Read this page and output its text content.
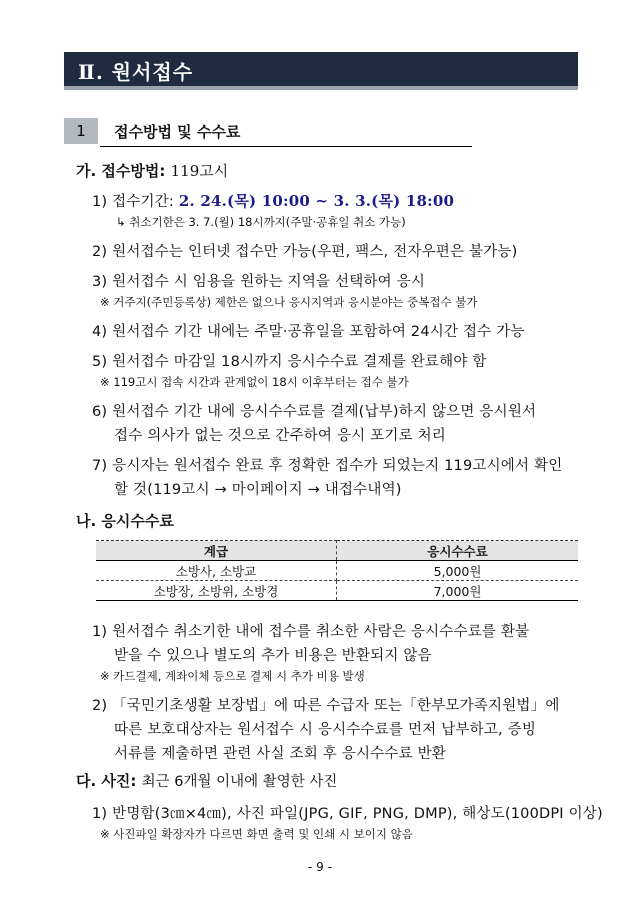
Ⅱ. 원서접수
1	접수방법 및 수수료
가. 접수방법: 119고시
1) 접수기간: 2. 24.(목) 10:00 ~ 3. 3.(목) 18:00
↳ 취소기한은 3. 7.(월) 18시까지(주말·공휴일 취소 가능)
2) 원서접수는 인터넷 접수만 가능(우편, 팩스, 전자우편은 불가능)
3) 원서접수 시 임용을 원하는 지역을 선택하여 응시
※ 거주지(주민등록상) 제한은 없으나 응시지역과 응시분야는 중복접수 불가
4) 원서접수 기간 내에는 주말·공휴일을 포함하여 24시간 접수 가능
5) 원서접수 마감일 18시까지 응시수수료 결제를 완료해야 함
※ 119고시 접속 시간과 관계없이 18시 이후부터는 접수 불가
6) 원서접수 기간 내에 응시수수료를 결제(납부)하지 않으면 응시원서
접수 의사가 없는 것으로 간주하여 응시 포기로 처리
7) 응시자는 원서접수 완료 후 정확한 접수가 되었는지 119고시에서 확인
할 것(119고시 → 마이페이지 → 내접수내역)
나. 응시수수료
계급	응시수수료
소방사, 소방교	5,000원
소방장, 소방위, 소방경	7,000원
1) 원서접수 취소기한 내에 접수를 취소한 사람은 응시수수료를 환불
받을 수 있으나 별도의 추가 비용은 반환되지 않음
※ 카드결제, 계좌이체 등으로 결제 시 추가 비용 발생
2) 「국민기초생활 보장법」에 따른 수급자 또는「한부모가족지원법」에
따른 보호대상자는 원서접수 시 응시수수료를 먼저 납부하고, 증빙
서류를 제출하면 관련 사실 조회 후 응시수수료 반환
다. 사진: 최근 6개월 이내에 촬영한 사진
1) 반명함(3㎝×4㎝), 사진 파일(JPG, GIF, PNG, DMP), 해상도(100DPI 이상)
※ 사진파일 확장자가 다르면 화면 출력 및 인쇄 시 보이지 않음
- 9 -
